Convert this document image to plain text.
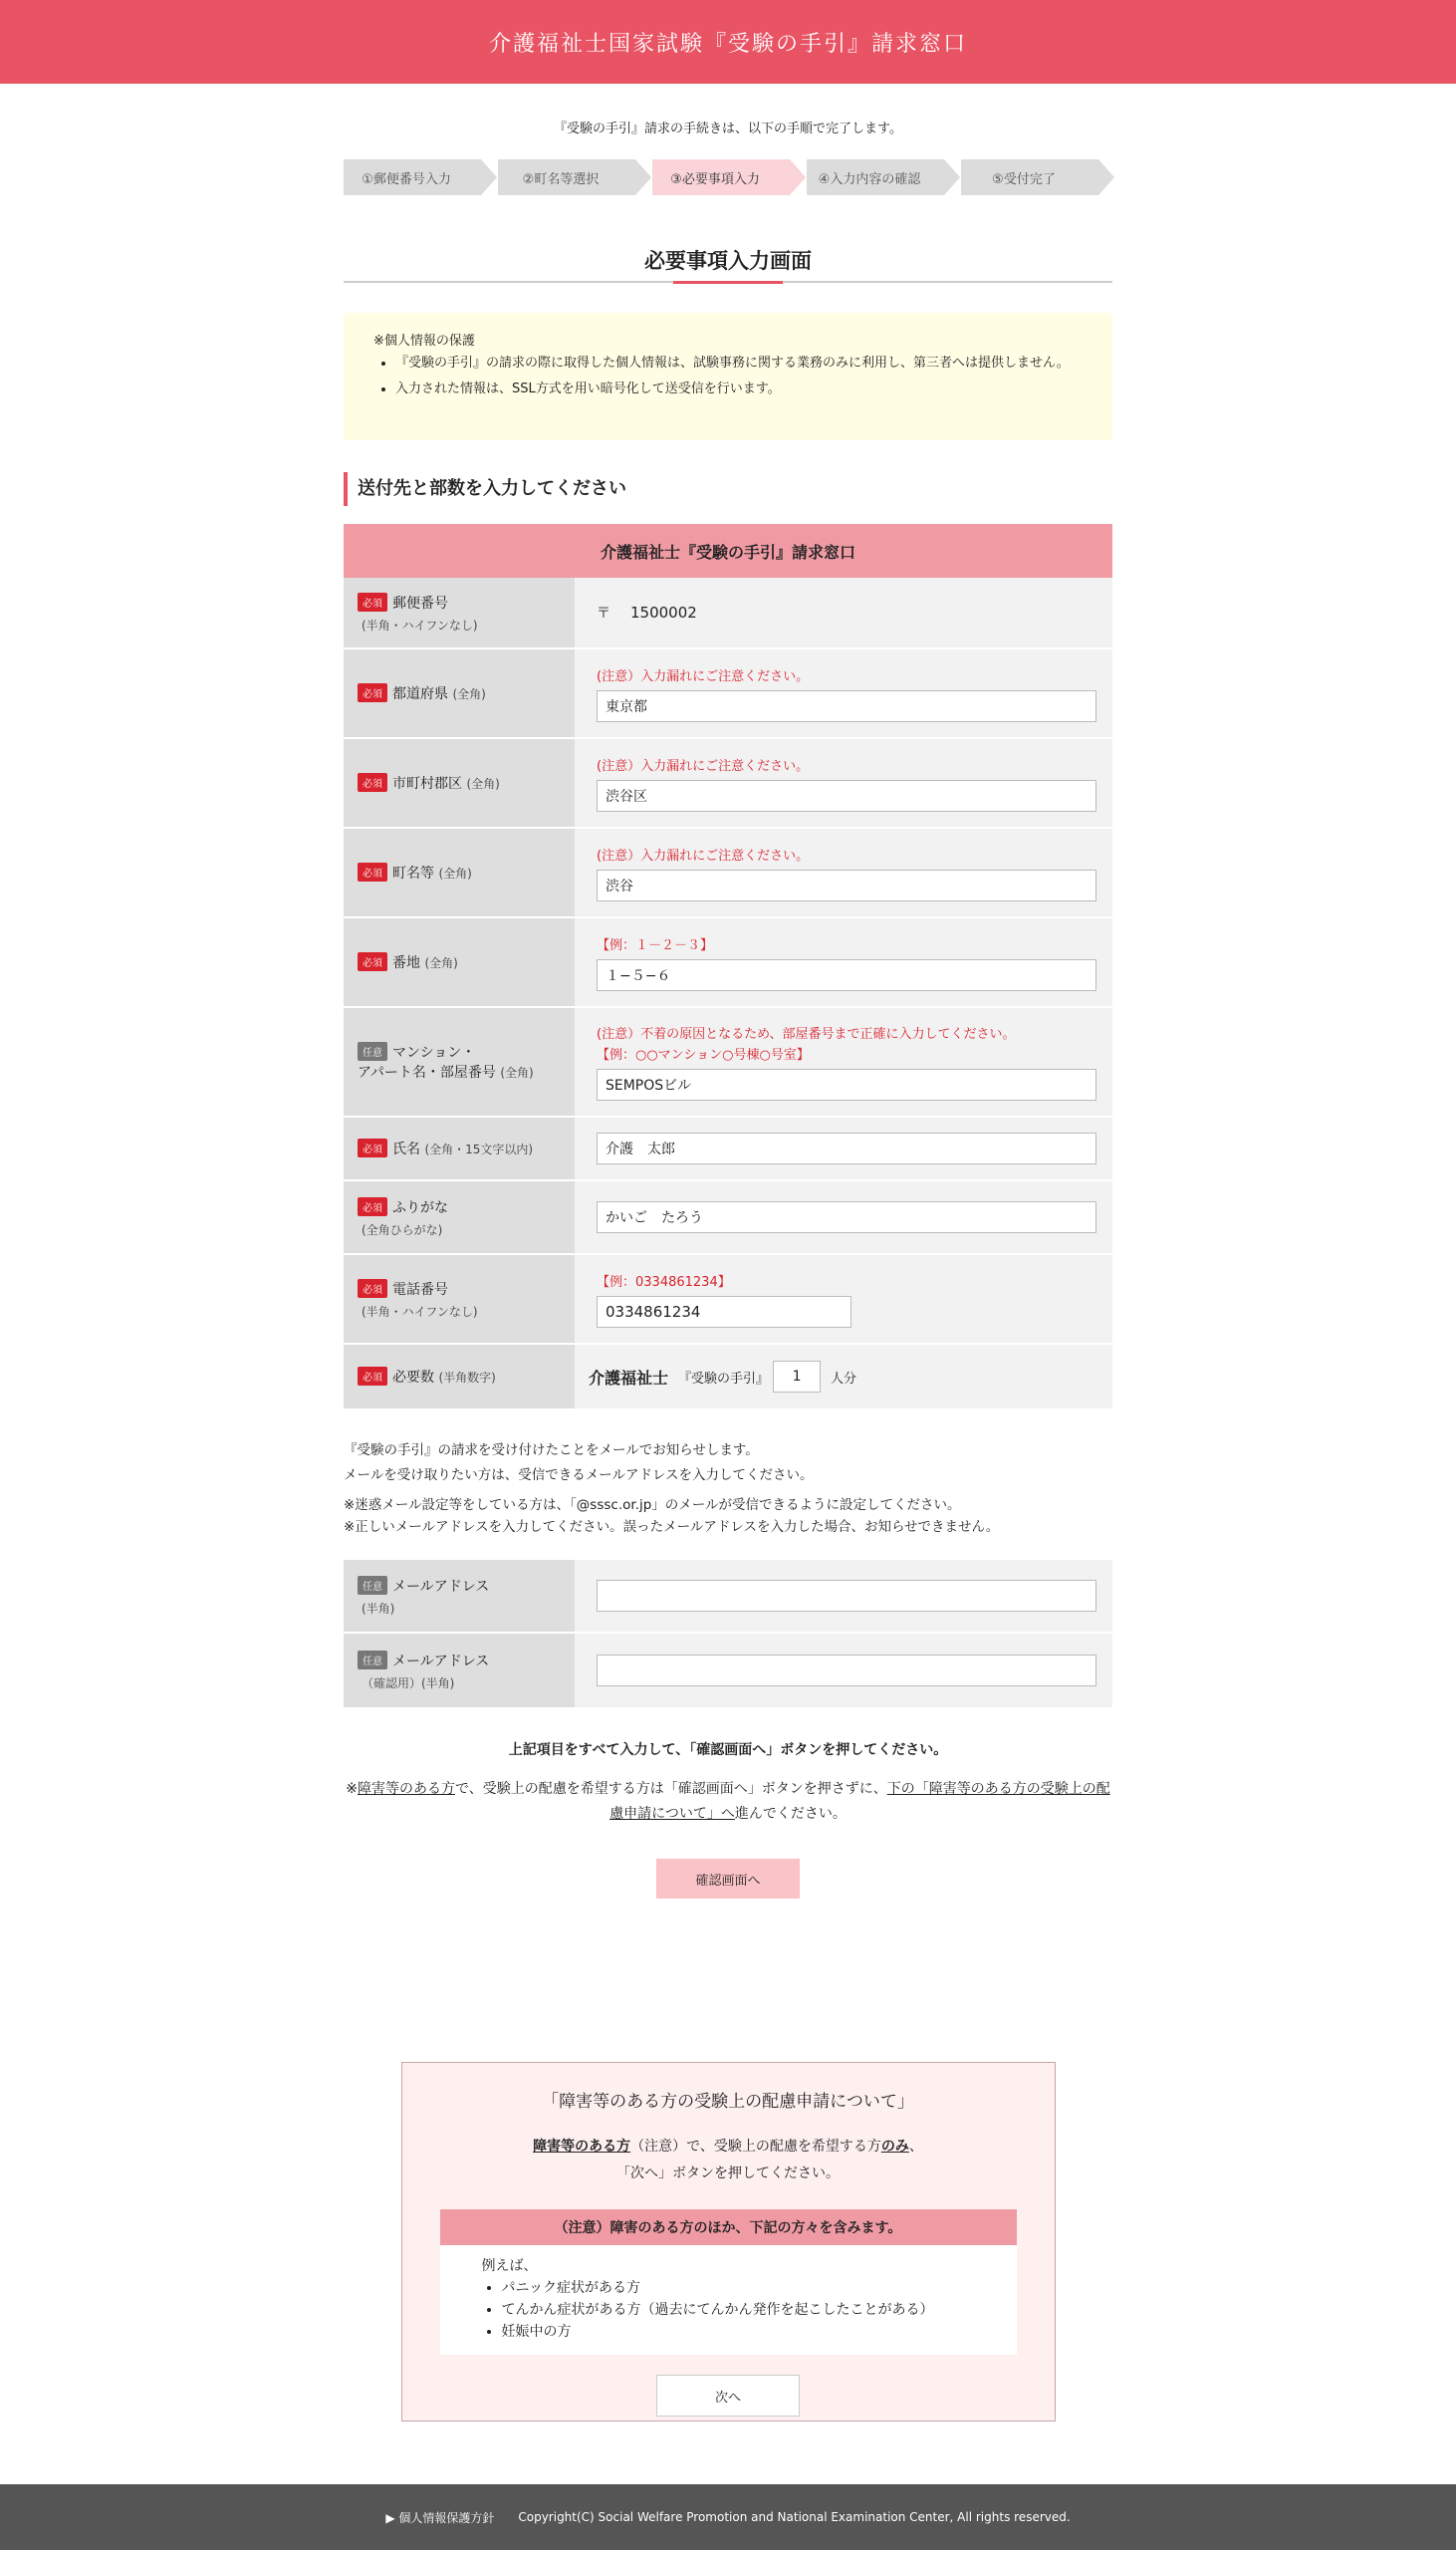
介護福祉士国家試験『受験の手引』請求窓口

『受験の手引』請求の手続きは、以下の手順で完了します。

①郵便番号入力	②町名等選択	③必要事項入力	④入力内容の確認	⑤受付完了
必要事項入力画面

※個人情報の保護

• 『受験の手引』の請求の際に取得した個人情報は、試験事務に関する業務のみに利用し、第三者へは提供しません。
• 入力された情報は、SSL方式を用い暗号化して送受信を行います。
送付先と部数を入力してください
介護福祉士『受験の手引』請求窓口
必須 郵便番号
(半角・ハイフンなし)
〒 1500002
必須 都道府県 (全角)
(注意）入力漏れにご注意ください。
東京都
必須 市町村郡区 (全角)
(注意）入力漏れにご注意ください。
渋谷区
必須 町名等 (全角)
(注意）入力漏れにご注意ください。
渋谷
必須 番地 (全角)
【例：１－２－３】
１−５−６
任意 マンション・
アパート名・部屋番号 (全角)
(注意）不着の原因となるため、部屋番号まで正確に入力してください。
【例：○○マンション○号棟○号室】
SEMPOSビル
必須 氏名 (全角・15文字以内)	介護　太郎
必須 ふりがな
(全角ひらがな)
かいご　たろう
必須 電話番号
(半角・ハイフンなし)
【例：0334861234】
0334861234
必須 必要数 (半角数字)	介護福祉士 『受験の手引』	1	人分

『受験の手引』の請求を受け付けたことをメールでお知らせします。

メールを受け取りたい方は、受信できるメールアドレスを入力してください。

※迷惑メール設定等をしている方は、「@sssc.or.jp」のメールが受信できるように設定してください。

※正しいメールアドレスを入力してください。誤ったメールアドレスを入力した場合、お知らせできません。

任意 メールアドレス
(半角)
任意 メールアドレス
（確認用）(半角)

上記項目をすべて入力して、「確認画面へ」ボタンを押してください。

※障害等のある方で、受験上の配慮を希望する方は「確認画面へ」ボタンを押さずに、下の「障害等のある方の受験上の配慮申請について」へ進んでください。

確認画面へ
「障害等のある方の受験上の配慮申請について」
障害等のある方（注意）で、受験上の配慮を希望する方のみ、
「次へ」ボタンを押してください。
（注意）障害のある方のほか、下記の方々を含みます。

例えば、

• パニック症状がある方
• てんかん症状がある方（過去にてんかん発作を起こしたことがある）
• 妊娠中の方
次へ
▶ 個人情報保護方針 Copyright(C) Social Welfare Promotion and National Examination Center, All rights reserved.
